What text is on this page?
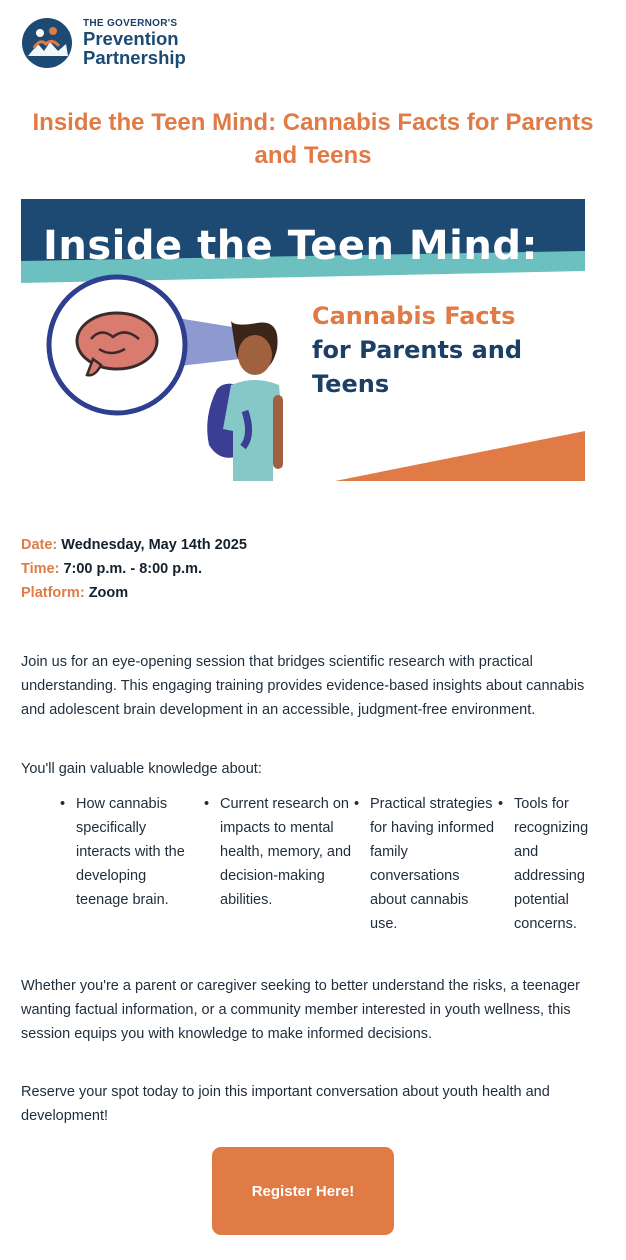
THE GOVERNOR'S
Prevention
Partnership
Inside the Teen Mind: Cannabis Facts for Parents and Teens
Inside the Teen Mind:
Cannabis Facts
for Parents and
Teens
Date: Wednesday, May 14th 2025
Time: 7:00 p.m. - 8:00 p.m.
Platform: Zoom

Join us for an eye-opening session that bridges scientific research with practical understanding. This engaging training provides evidence-based insights about cannabis and adolescent brain development in an accessible, judgment-free environment.

You'll gain valuable knowledge about:

• How cannabis specifically interacts with the developing teenage brain.
• Current research on impacts to mental health, memory, and decision-making abilities.
• Practical strategies for having informed family conversations about cannabis use.
• Tools for recognizing and addressing potential concerns.

Whether you're a parent or caregiver seeking to better understand the risks, a teenager wanting factual information, or a community member interested in youth wellness, this session equips you with knowledge to make informed decisions.

Reserve your spot today to join this important conversation about youth health and development!

Register Here!
